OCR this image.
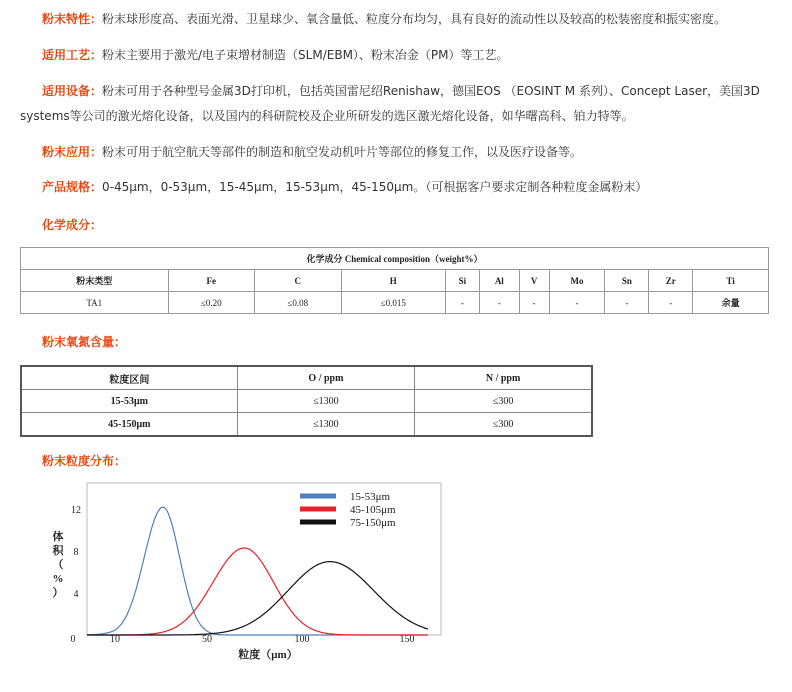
粉末特性：粉末球形度高、表面光滑、卫星球少、氧含量低、粒度分布均匀，具有良好的流动性以及较高的松装密度和振实密度。
适用工艺：粉末主要用于激光/电子束增材制造（SLM/EBM）、粉末冶金（PM）等工艺。
适用设备：粉末可用于各种型号金属3D打印机，包括英国雷尼绍Renishaw，德国EOS （EOSINT M 系列）、Concept Laser，美国3D
systems等公司的激光熔化设备，以及国内的科研院校及企业所研发的选区激光熔化设备，如华曙高科、铂力特等。
粉末应用：粉末可用于航空航天等部件的制造和航空发动机叶片等部位的修复工作，以及医疗设备等。
产品规格：0-45μm，0-53μm，15-45μm，15-53μm，45-150μm。（可根据客户要求定制各种粒度金属粉末）
化学成分：
化学成分 Chemical composition（weight%）										
粉末类型	Fe	C	H	Si	Al	V	Mo	Sn	Zr	Ti
TA1	≤0.20	≤0.08	≤0.015	-	-	-	-	-	-	余量
粉末氧氮含量：
粒度区间	O / ppm	N / ppm
15-53μm	≤1300	≤300
45-150μm	≤1300	≤300
粉末粒度分布：
0	10	50	100	150
4
8
12
15-53μm
45-105μm
75-150μm
体积（%）
粒度（μm）
